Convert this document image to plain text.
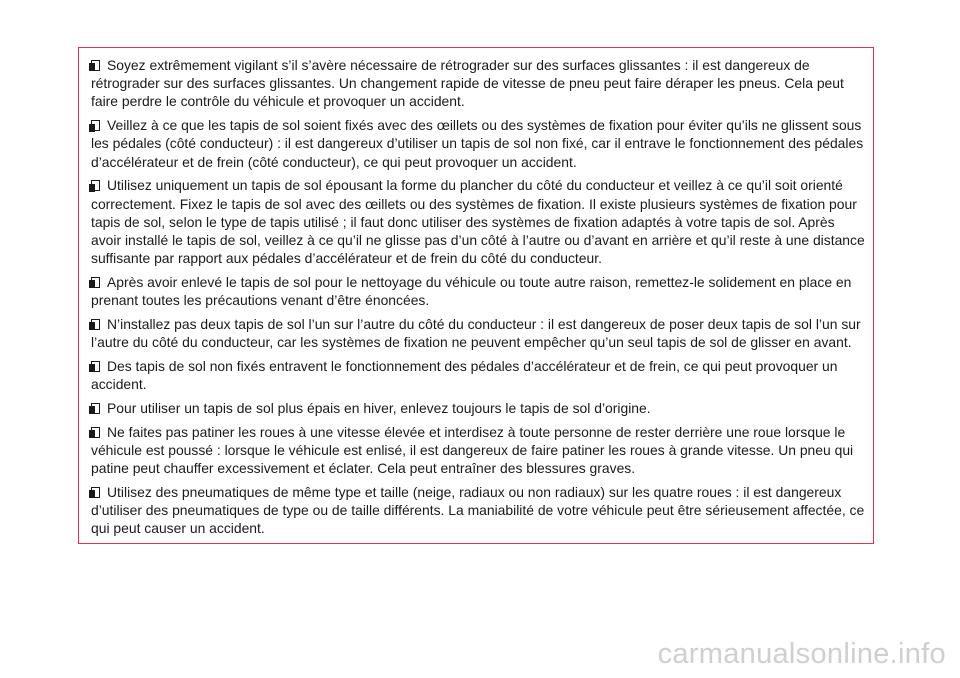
Soyez extrêmement vigilant s’il s’avère nécessaire de rétrograder sur des surfaces glissantes : il est dangereux de rétrograder sur des surfaces glissantes. Un changement rapide de vitesse de pneu peut faire déraper les pneus. Cela peut faire perdre le contrôle du véhicule et provoquer un accident.

Veillez à ce que les tapis de sol soient fixés avec des œillets ou des systèmes de fixation pour éviter qu’ils ne glissent sous les pédales (côté conducteur) : il est dangereux d’utiliser un tapis de sol non fixé, car il entrave le fonctionnement des pédales d’accélérateur et de frein (côté conducteur), ce qui peut provoquer un accident.

Utilisez uniquement un tapis de sol épousant la forme du plancher du côté du conducteur et veillez à ce qu’il soit orienté correctement. Fixez le tapis de sol avec des œillets ou des systèmes de fixation. Il existe plusieurs systèmes de fixation pour tapis de sol, selon le type de tapis utilisé ; il faut donc utiliser des systèmes de fixation adaptés à votre tapis de sol. Après avoir installé le tapis de sol, veillez à ce qu’il ne glisse pas d’un côté à l’autre ou d’avant en arrière et qu’il reste à une distance suffisante par rapport aux pédales d’accélérateur et de frein du côté du conducteur.

Après avoir enlevé le tapis de sol pour le nettoyage du véhicule ou toute autre raison, remettez-le solidement en place en prenant toutes les précautions venant d’être énoncées.

N’installez pas deux tapis de sol l’un sur l’autre du côté du conducteur : il est dangereux de poser deux tapis de sol l’un sur l’autre du côté du conducteur, car les systèmes de fixation ne peuvent empêcher qu’un seul tapis de sol de glisser en avant.

Des tapis de sol non fixés entravent le fonctionnement des pédales d’accélérateur et de frein, ce qui peut provoquer un accident.

Pour utiliser un tapis de sol plus épais en hiver, enlevez toujours le tapis de sol d’origine.

Ne faites pas patiner les roues à une vitesse élevée et interdisez à toute personne de rester derrière une roue lorsque le véhicule est poussé : lorsque le véhicule est enlisé, il est dangereux de faire patiner les roues à grande vitesse. Un pneu qui patine peut chauffer excessivement et éclater. Cela peut entraîner des blessures graves.

Utilisez des pneumatiques de même type et taille (neige, radiaux ou non radiaux) sur les quatre roues : il est dangereux d’utiliser des pneumatiques de type ou de taille différents. La maniabilité de votre véhicule peut être sérieusement affectée, ce qui peut causer un accident.

carmanualsonline.info
